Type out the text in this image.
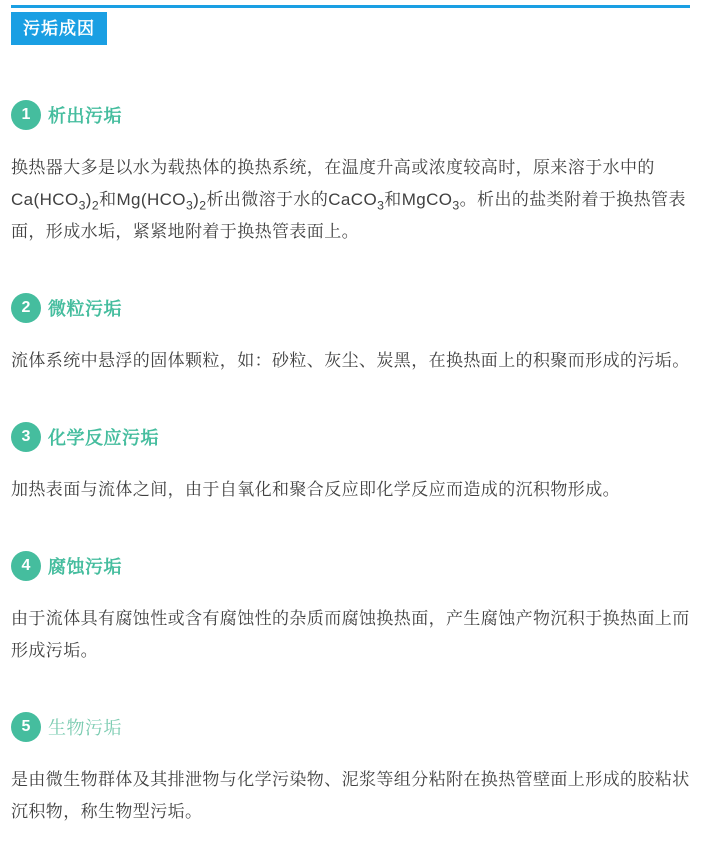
污垢成因
1 析出污垢

换热器大多是以水为载热体的换热系统，在温度升高或浓度较高时，原来溶于水中的$Ca(HCO_3)_2$和$Mg(HCO_3)_2$析出微溶于水的CaCO$_3$和MgCO$_3$。析出的盐类附着于换热管表面，形成水垢，紧紧地附着于换热管表面上。

2 微粒污垢

流体系统中悬浮的固体颗粒，如：砂粒、灰尘、炭黑，在换热面上的积聚而形成的污垢。

3 化学反应污垢

加热表面与流体之间，由于自氧化和聚合反应即化学反应而造成的沉积物形成。

4 腐蚀污垢

由于流体具有腐蚀性或含有腐蚀性的杂质而腐蚀换热面，产生腐蚀产物沉积于换热面上而形成污垢。

5 生物污垢

是由微生物群体及其排泄物与化学污染物、泥浆等组分粘附在换热管壁面上形成的胶粘状沉积物，称生物型污垢。
